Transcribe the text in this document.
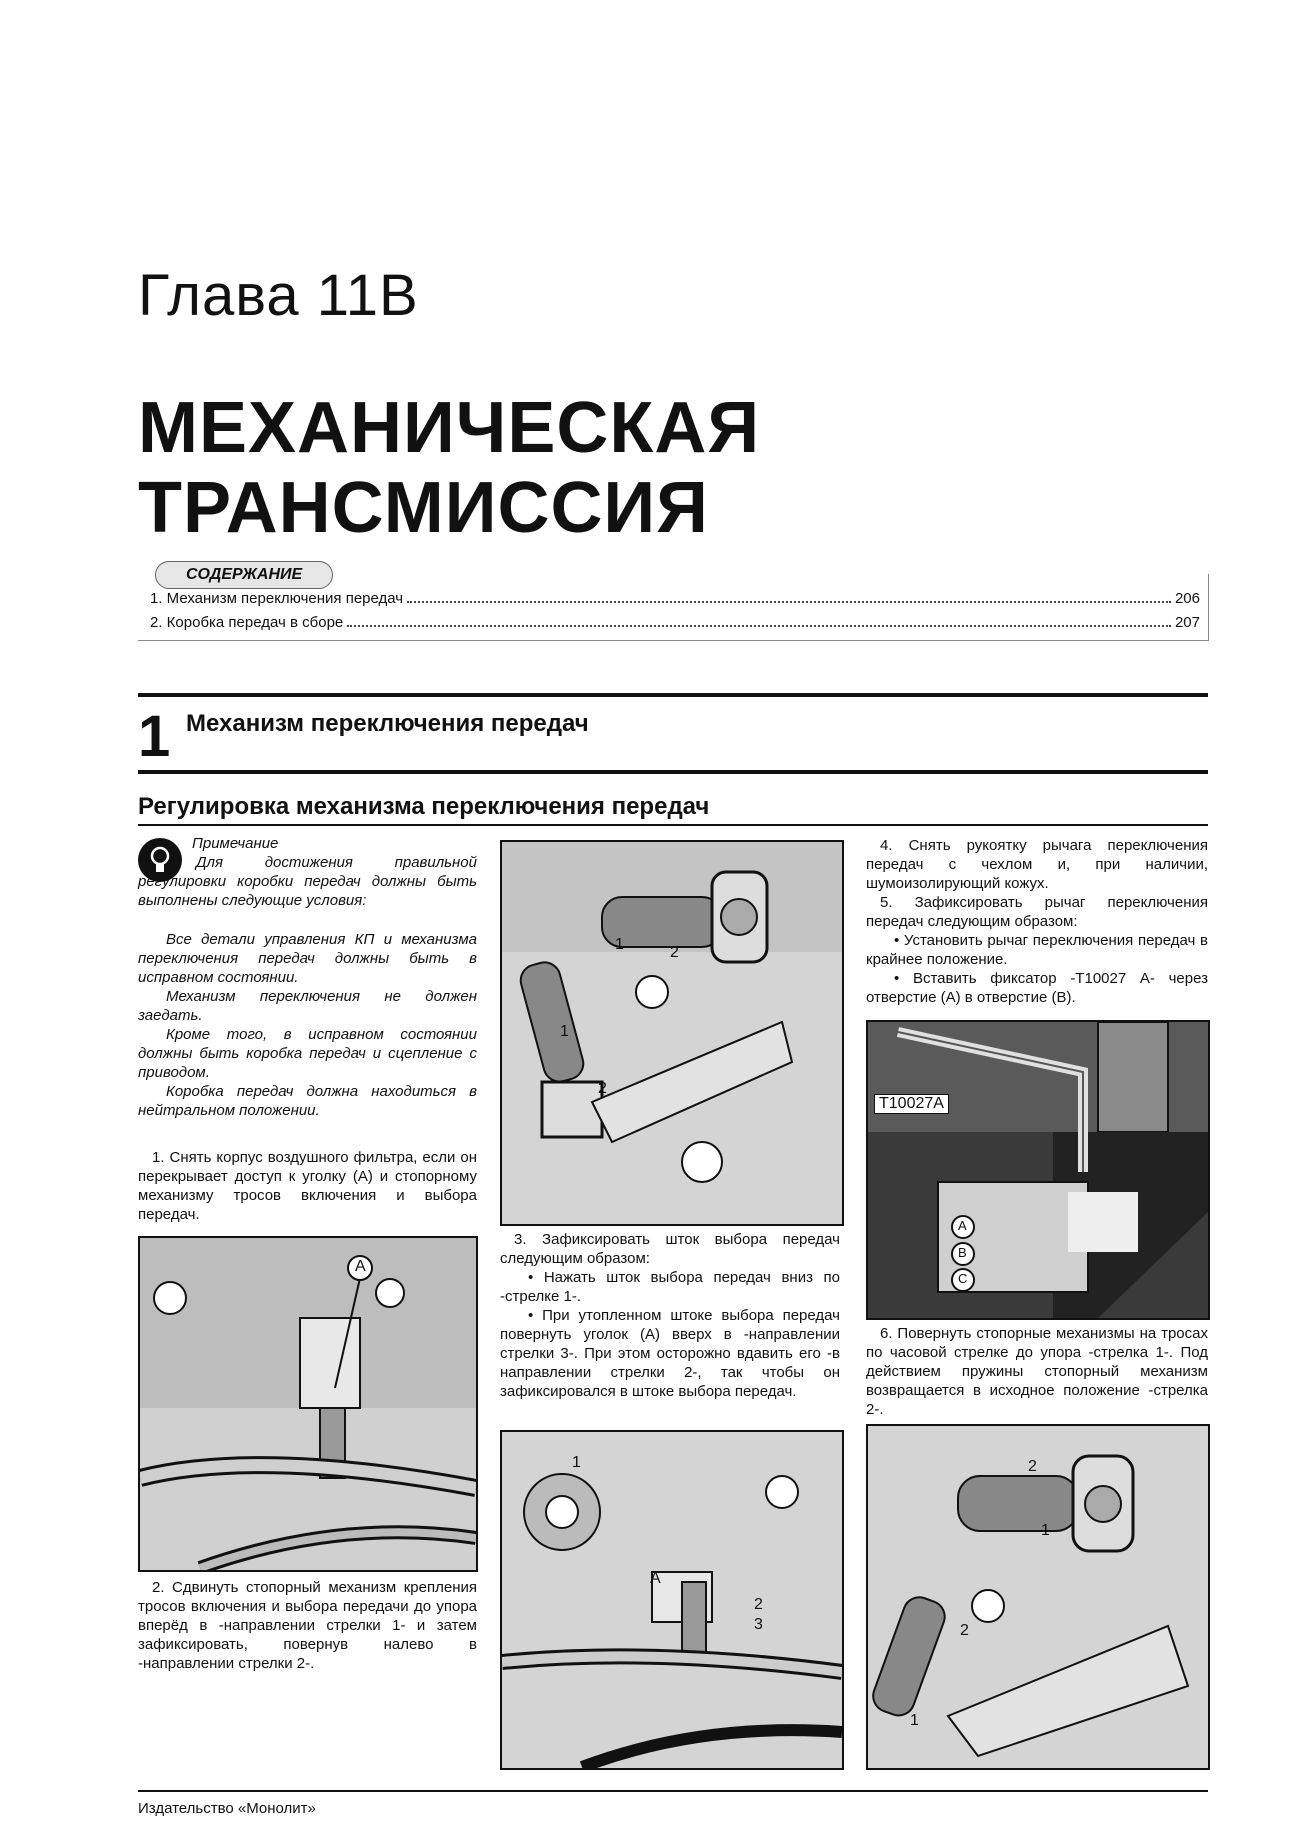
Глава 11В
МЕХАНИЧЕСКАЯ
ТРАНСМИССИЯ
1. Механизм переключения передач	206
2. Коробка передач в сборе	207
СОДЕРЖАНИЕ
1 Механизм переключения передач
Регулировка механизма переключения передач

Примечание

Для достижения правильной регулировки коробки передач должны быть выполнены следующие условия:
Все детали управления КП и механизма переключения передач должны быть в исправном состоянии.
Механизм переключения не должен заедать.
Кроме того, в исправном состоянии должны быть коробка передач и сцепление с приводом.
Коробка передач должна находиться в нейтральном положении.
1. Снять корпус воздушного фильтра, если он перекрывает доступ к уголку (А) и стопорному механизму тросов включения и выбора передач.
A
2. Сдвинуть стопорный механизм крепления тросов включения и выбора передачи до упора вперёд в -направлении стрелки 1- и затем зафиксировать, повернув налево в -направлении стрелки 2-.
1	2
1
2
3. Зафиксировать шток выбора передач следующим образом:
• Нажать шток выбора передач вниз по -стрелке 1-.
• При утопленном штоке выбора передач повернуть уголок (А) вверх в -направлении стрелки 3-. При этом осторожно вдавить его -в направлении стрелки 2-, так чтобы он зафиксировался в штоке выбора передач.
1
A
2
3
4. Снять рукоятку рычага переключения передач с чехлом и, при наличии, шумоизолирующий кожух.
5. Зафиксировать рычаг переключения передач следующим образом:
• Установить рычаг переключения передач в крайнее положение.
• Вставить фиксатор -Т10027 А- через отверстие (А) в отверстие (В).
T10027A
A
B
C
6. Повернуть стопорные механизмы на тросах по часовой стрелке до упора -стрелка 1-. Под действием пружины стопорный механизм возвращается в исходное положение -стрелка 2-.
2
1
2
1
Издательство «Монолит»
